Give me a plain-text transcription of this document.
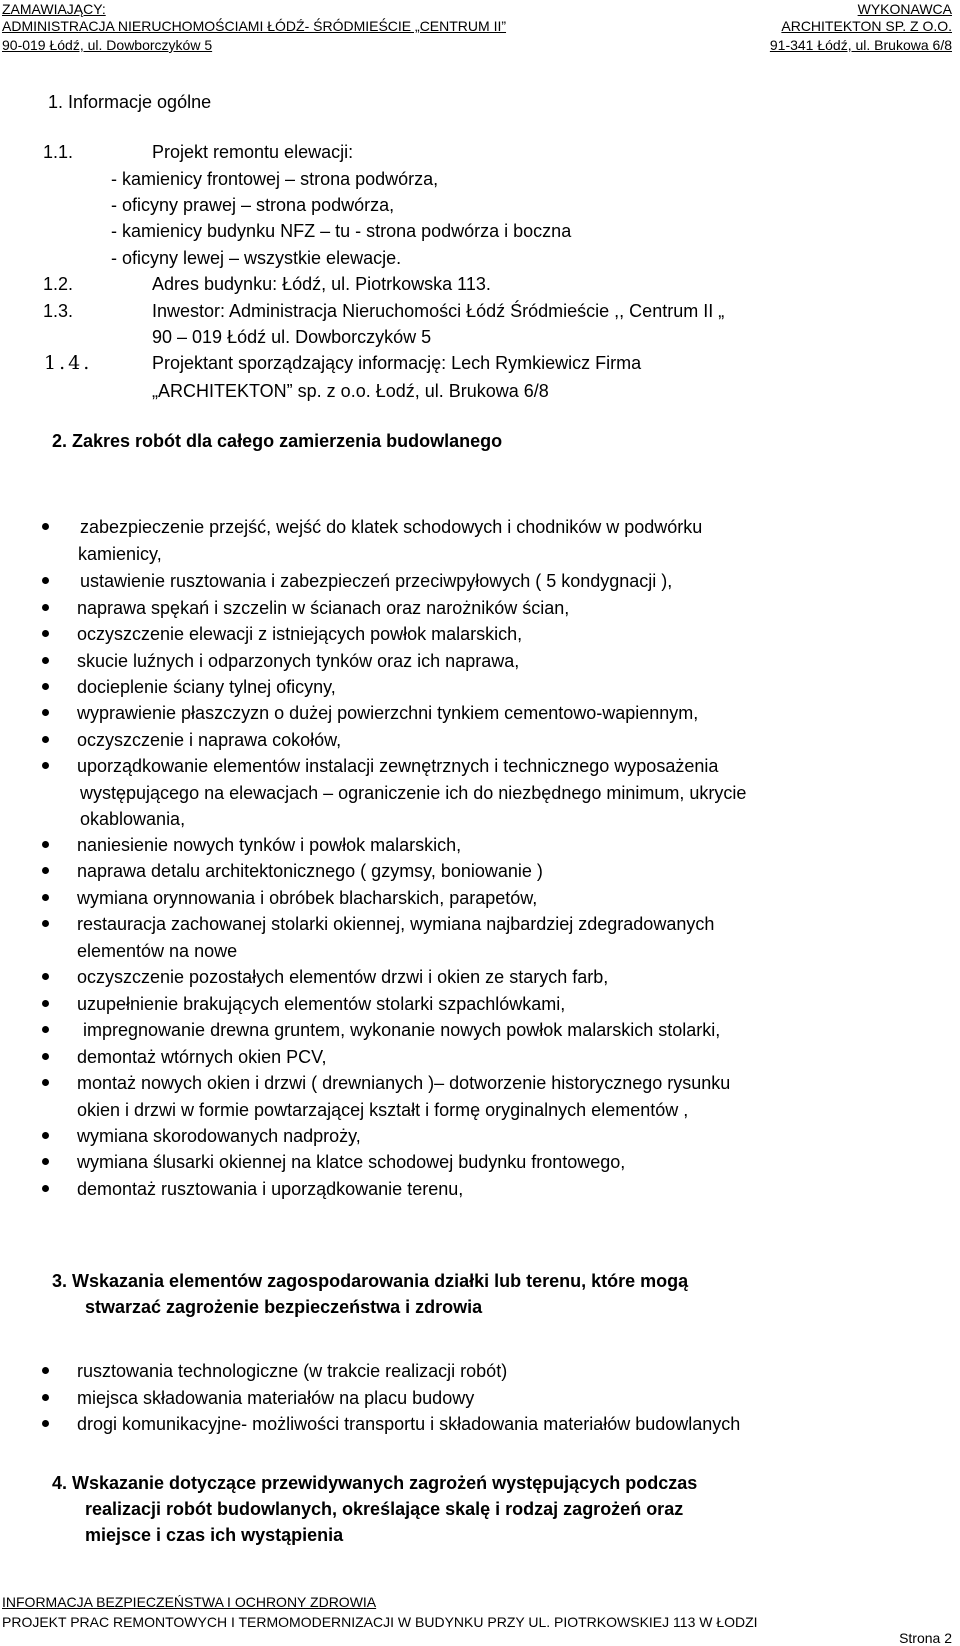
ZAMAWIAJĄCY:
ADMINISTRACJA NIERUCHOMOŚCIAMI ŁÓDŹ- ŚRÓDMIEŚCIE „CENTRUM II”
90-019 Łódź, ul. Dowborczyków 5
WYKONAWCA
ARCHITEKTON SP. Z O.O.
91-341 Łódź, ul. Brukowa 6/8
1. Informacje ogólne
1.1.	Projekt remontu elewacji:
- kamienicy frontowej – strona podwórza,
- oficyny prawej – strona podwórza,
- kamienicy budynku NFZ – tu - strona podwórza i boczna
- oficyny lewej – wszystkie elewacje.
1.2.	Adres budynku: Łódź, ul. Piotrkowska 113.
1.3.	Inwestor: Administracja Nieruchomości Łódź Śródmieście ,, Centrum II „
90 – 019 Łódź ul. Dowborczyków 5
1.4.	Projektant sporządzający informację: Lech Rymkiewicz Firma
„ARCHITEKTON” sp. z o.o. Łodź, ul. Brukowa 6/8
2. Zakres robót dla całego zamierzenia budowlanego
zabezpieczenie przejść, wejść do klatek schodowych i chodników w podwórku
kamienicy,
ustawienie rusztowania i zabezpieczeń przeciwpyłowych ( 5 kondygnacji ),
naprawa spękań i szczelin w ścianach oraz narożników ścian,
oczyszczenie elewacji z istniejących powłok malarskich,
skucie luźnych i odparzonych tynków oraz ich naprawa,
docieplenie ściany tylnej oficyny,
wyprawienie płaszczyzn o dużej powierzchni tynkiem cementowo-wapiennym,
oczyszczenie i naprawa cokołów,
uporządkowanie elementów instalacji zewnętrznych i technicznego wyposażenia
występującego na elewacjach – ograniczenie ich do niezbędnego minimum, ukrycie
okablowania,
naniesienie nowych tynków i powłok malarskich,
naprawa detalu architektonicznego ( gzymsy, boniowanie )
wymiana orynnowania i obróbek blacharskich, parapetów,
restauracja zachowanej stolarki okiennej, wymiana najbardziej zdegradowanych
elementów na nowe
oczyszczenie pozostałych elementów drzwi i okien ze starych farb,
uzupełnienie brakujących elementów stolarki szpachlówkami,
impregnowanie drewna gruntem, wykonanie nowych powłok malarskich stolarki,
demontaż wtórnych okien PCV,
montaż nowych okien i drzwi ( drewnianych )– dotworzenie historycznego rysunku
okien i drzwi w formie powtarzającej kształt i formę oryginalnych elementów ,
wymiana skorodowanych nadproży,
wymiana ślusarki okiennej na klatce schodowej budynku frontowego,
demontaż rusztowania i uporządkowanie terenu,
3. Wskazania elementów zagospodarowania działki lub terenu, które mogą
stwarzać zagrożenie bezpieczeństwa i zdrowia
rusztowania technologiczne (w trakcie realizacji robót)
miejsca składowania materiałów na placu budowy
drogi komunikacyjne- możliwości transportu i składowania materiałów budowlanych
4. Wskazanie dotyczące przewidywanych zagrożeń występujących podczas
realizacji robót budowlanych, określające skalę i rodzaj zagrożeń oraz
miejsce i czas ich wystąpienia
INFORMACJA BEZPIECZEŃSTWA I OCHRONY ZDROWIA
PROJEKT PRAC REMONTOWYCH I TERMOMODERNIZACJI W BUDYNKU PRZY UL. PIOTRKOWSKIEJ 113 W ŁODZI
Strona 2
